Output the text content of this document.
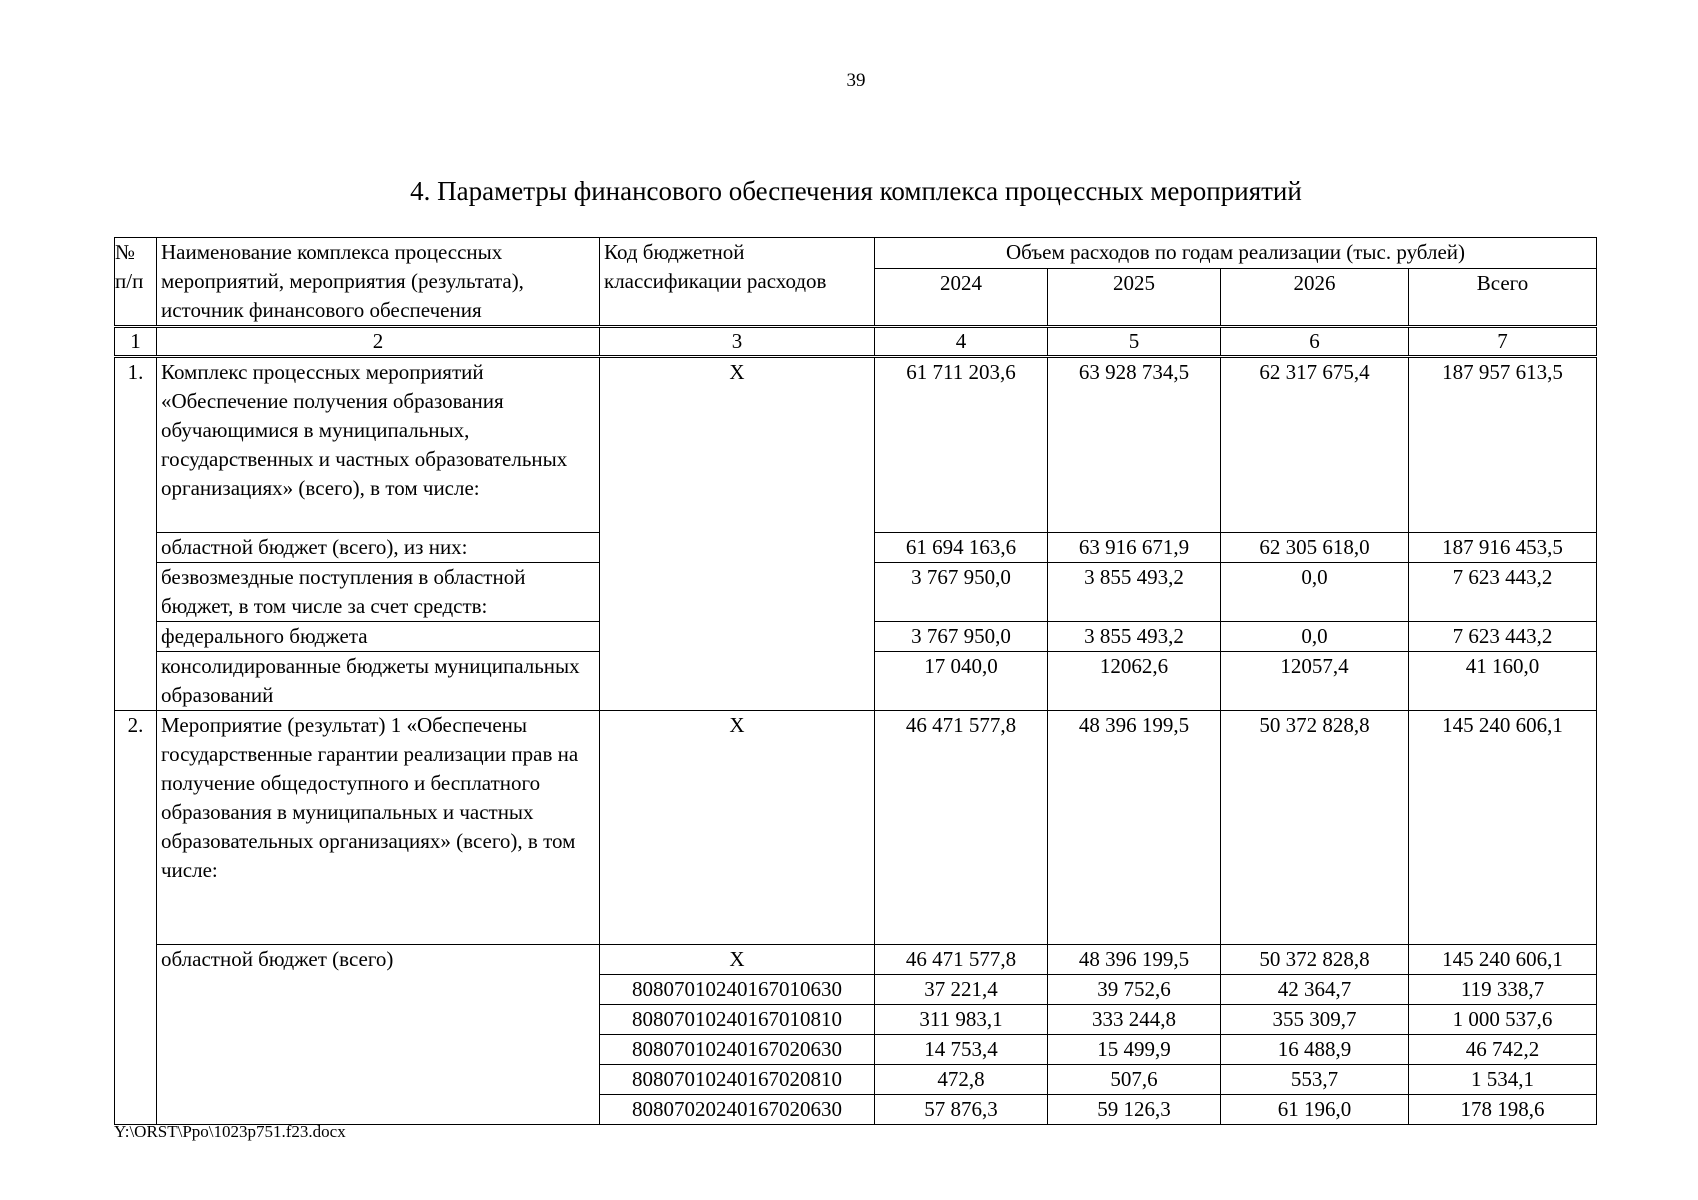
39
4. Параметры финансового обеспечения комплекса процессных мероприятий
№ п/п	Наименование комплекса процессных мероприятий, мероприятия (результата), источник финансового обеспечения	Код бюджетной классификации расходов	Объем расходов по годам реализации (тыс. рублей)			
			2024	2025	2026	Всего
1	2	3	4	5	6	7
1.	Комплекс процессных мероприятий «Обеспечение получения образования обучающимися в муниципальных, государственных и частных образовательных организациях» (всего), в том числе:	X	61 711 203,6	63 928 734,5	62 317 675,4	187 957 613,5
	областной бюджет (всего), из них:		61 694 163,6	63 916 671,9	62 305 618,0	187 916 453,5
	безвозмездные поступления в областной бюджет, в том числе за счет средств:		3 767 950,0	3 855 493,2	0,0	7 623 443,2
	федерального бюджета		3 767 950,0	3 855 493,2	0,0	7 623 443,2
	консолидированные бюджеты муниципальных образований		17 040,0	12062,6	12057,4	41 160,0
2.	Мероприятие (результат) 1 «Обеспечены государственные гарантии реализации прав на получение общедоступного и бесплатного образования в муниципальных и частных образовательных организациях» (всего), в том числе:	X	46 471 577,8	48 396 199,5	50 372 828,8	145 240 606,1
	областной бюджет (всего)	X	46 471 577,8	48 396 199,5	50 372 828,8	145 240 606,1
		80807010240167010630	37 221,4	39 752,6	42 364,7	119 338,7
		80807010240167010810	311 983,1	333 244,8	355 309,7	1 000 537,6
		80807010240167020630	14 753,4	15 499,9	16 488,9	46 742,2
		80807010240167020810	472,8	507,6	553,7	1 534,1
		80807020240167020630	57 876,3	59 126,3	61 196,0	178 198,6
Y:\ORST\Ppo\1023p751.f23.docx
